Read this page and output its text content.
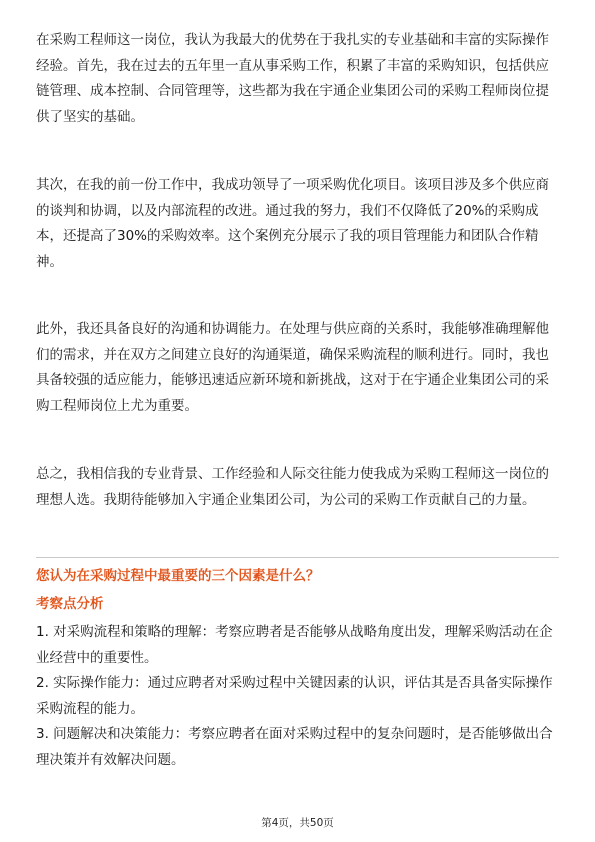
在采购工程师这一岗位，我认为我最大的优势在于我扎实的专业基础和丰富的实际操作经验。首先，我在过去的五年里一直从事采购工作，积累了丰富的采购知识，包括供应链管理、成本控制、合同管理等，这些都为我在宇通企业集团公司的采购工程师岗位提供了坚实的基础。

其次，在我的前一份工作中，我成功领导了一项采购优化项目。该项目涉及多个供应商的谈判和协调，以及内部流程的改进。通过我的努力，我们不仅降低了20%的采购成本，还提高了30%的采购效率。这个案例充分展示了我的项目管理能力和团队合作精神。

此外，我还具备良好的沟通和协调能力。在处理与供应商的关系时，我能够准确理解他们的需求，并在双方之间建立良好的沟通渠道，确保采购流程的顺利进行。同时，我也具备较强的适应能力，能够迅速适应新环境和新挑战，这对于在宇通企业集团公司的采购工程师岗位上尤为重要。

总之，我相信我的专业背景、工作经验和人际交往能力使我成为采购工程师这一岗位的理想人选。我期待能够加入宇通企业集团公司，为公司的采购工作贡献自己的力量。

您认为在采购过程中最重要的三个因素是什么？

考察点分析

1. 对采购流程和策略的理解：考察应聘者是否能够从战略角度出发，理解采购活动在企业经营中的重要性。
2. 实际操作能力：通过应聘者对采购过程中关键因素的认识，评估其是否具备实际操作采购流程的能力。
3. 问题解决和决策能力：考察应聘者在面对采购过程中的复杂问题时，是否能够做出合理决策并有效解决问题。
第4页，共50页
